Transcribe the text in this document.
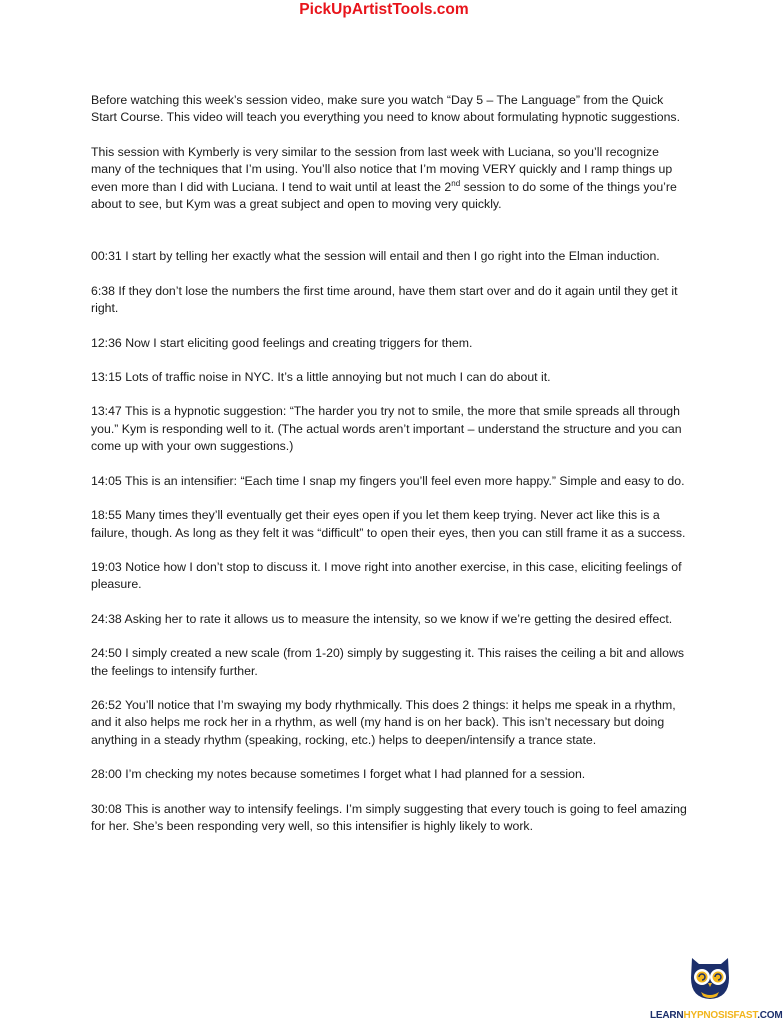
PickUpArtistTools.com

Before watching this week’s session video, make sure you watch “Day 5 – The Language” from the Quick Start Course. This video will teach you everything you need to know about formulating hypnotic suggestions.

This session with Kymberly is very similar to the session from last week with Luciana, so you’ll recognize many of the techniques that I’m using. You’ll also notice that I’m moving VERY quickly and I ramp things up even more than I did with Luciana. I tend to wait until at least the 2nd session to do some of the things you’re about to see, but Kym was a great subject and open to moving very quickly.

00:31 I start by telling her exactly what the session will entail and then I go right into the Elman induction.

6:38 If they don’t lose the numbers the first time around, have them start over and do it again until they get it right.

12:36 Now I start eliciting good feelings and creating triggers for them.

13:15 Lots of traffic noise in NYC. It’s a little annoying but not much I can do about it.

13:47 This is a hypnotic suggestion: “The harder you try not to smile, the more that smile spreads all through you.” Kym is responding well to it. (The actual words aren’t important – understand the structure and you can come up with your own suggestions.)

14:05 This is an intensifier: “Each time I snap my fingers you’ll feel even more happy.” Simple and easy to do.

18:55 Many times they’ll eventually get their eyes open if you let them keep trying. Never act like this is a failure, though. As long as they felt it was “difficult” to open their eyes, then you can still frame it as a success.

19:03 Notice how I don’t stop to discuss it. I move right into another exercise, in this case, eliciting feelings of pleasure.

24:38 Asking her to rate it allows us to measure the intensity, so we know if we’re getting the desired effect.

24:50 I simply created a new scale (from 1-20) simply by suggesting it. This raises the ceiling a bit and allows the feelings to intensify further.

26:52 You’ll notice that I’m swaying my body rhythmically. This does 2 things: it helps me speak in a rhythm, and it also helps me rock her in a rhythm, as well (my hand is on her back). This isn’t necessary but doing anything in a steady rhythm (speaking, rocking, etc.) helps to deepen/intensify a trance state.

28:00 I’m checking my notes because sometimes I forget what I had planned for a session.

30:08 This is another way to intensify feelings. I’m simply suggesting that every touch is going to feel amazing for her. She’s been responding very well, so this intensifier is highly likely to work.

LEARNHYPNOSISFAST.COM
